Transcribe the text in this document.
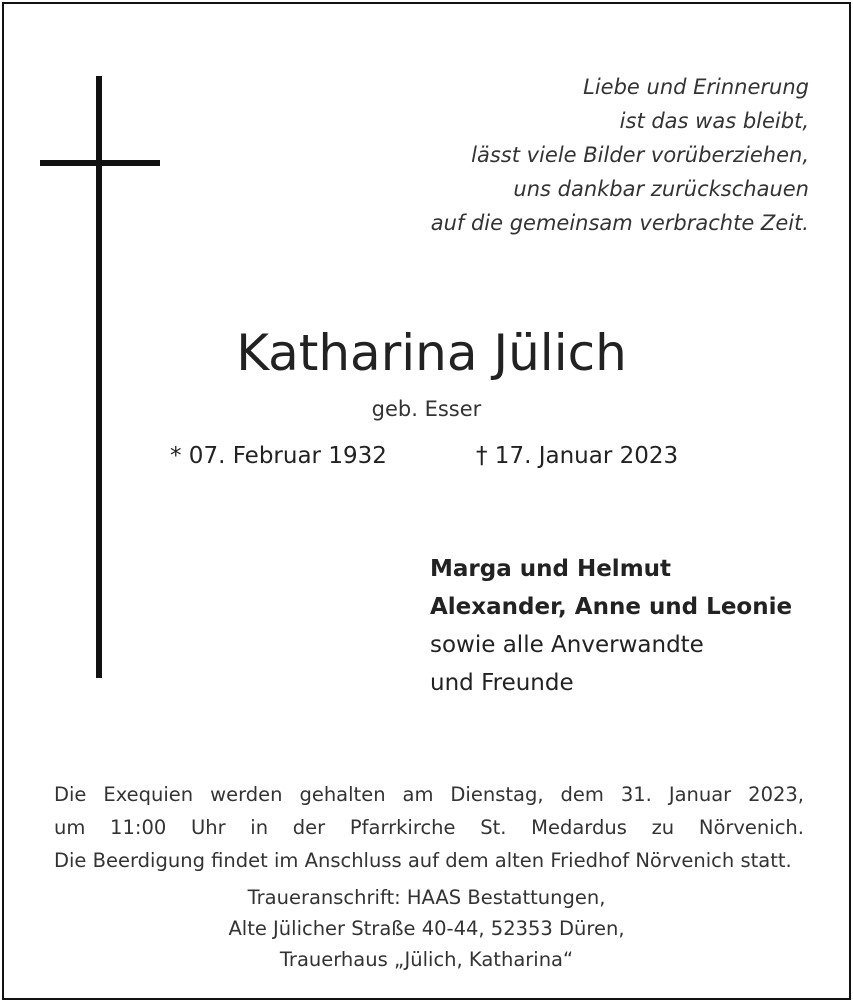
Liebe und Erinnerung
ist das was bleibt,
lässt viele Bilder vorüberziehen,
uns dankbar zurückschauen
auf die gemeinsam verbrachte Zeit.
Katharina Jülich
geb. Esser
* 07. Februar 1932	† 17. Januar 2023
Marga und Helmut
Alexander, Anne und Leonie
sowie alle Anverwandte
und Freunde
Die Exequien werden gehalten am Dienstag, dem 31. Januar 2023,
um 11:00 Uhr in der Pfarrkirche St. Medardus zu Nörvenich.
Die Beerdigung findet im Anschluss auf dem alten Friedhof Nörvenich statt.
Traueranschrift: HAAS Bestattungen,
Alte Jülicher Straße 40-44, 52353 Düren,
Trauerhaus „Jülich, Katharina“
